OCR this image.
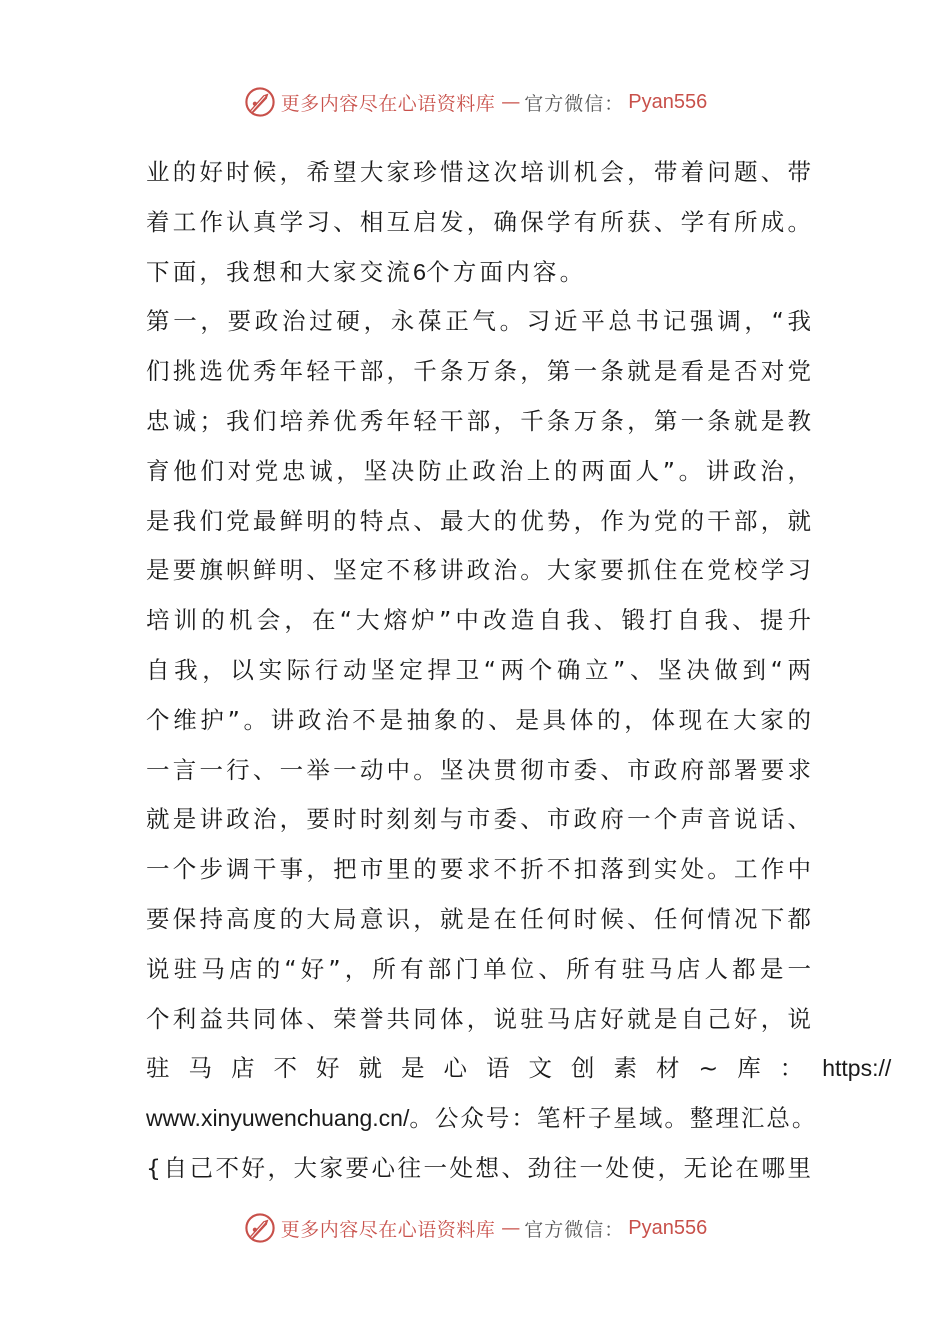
更多内容尽在心语资料库 — 官方微信： Pyan556
业的好时候，希望大家珍惜这次培训机会，带着问题、带
着工作认真学习、相互启发，确保学有所获、学有所成。
下面，我想和大家交流6个方面内容。
第一，要政治过硬，永葆正气。习近平总书记强调，“我
们挑选优秀年轻干部，千条万条，第一条就是看是否对党
忠诚；我们培养优秀年轻干部，千条万条，第一条就是教
育他们对党忠诚，坚决防止政治上的两面人”。讲政治，
是我们党最鲜明的特点、最大的优势，作为党的干部，就
是要旗帜鲜明、坚定不移讲政治。大家要抓住在党校学习
培训的机会，在“大熔炉”中改造自我、锻打自我、提升
自我，以实际行动坚定捍卫“两个确立”、坚决做到“两
个维护”。讲政治不是抽象的、是具体的，体现在大家的
一言一行、一举一动中。坚决贯彻市委、市政府部署要求
就是讲政治，要时时刻刻与市委、市政府一个声音说话、
一个步调干事，把市里的要求不折不扣落到实处。工作中
要保持高度的大局意识，就是在任何时候、任何情况下都
说驻马店的“好”，所有部门单位、所有驻马店人都是一
个利益共同体、荣誉共同体，说驻马店好就是自己好，说
驻马店不好就是心语文创素材~库：https://
www.xinyuwenchuang.cn/。公众号：笔杆子星域。整理汇总。
{自己不好，大家要心往一处想、劲往一处使，无论在哪里
更多内容尽在心语资料库 — 官方微信： Pyan556
